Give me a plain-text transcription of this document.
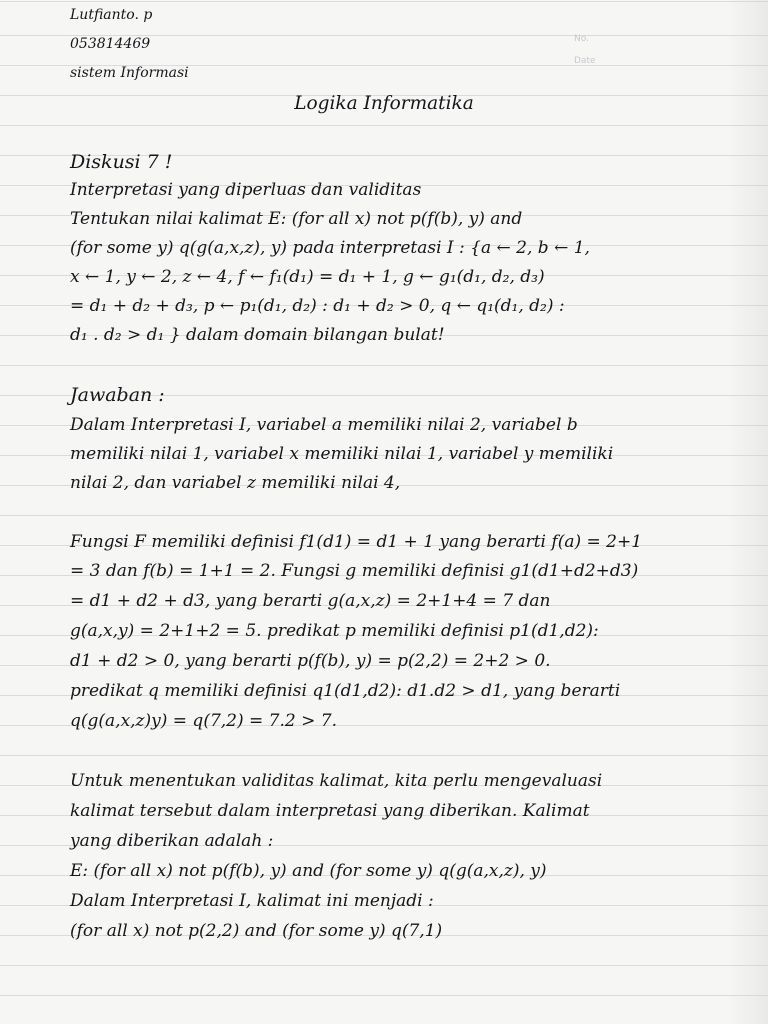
No.
Date
Lutfianto. p
053814469
sistem Informasi
Logika Informatika
Diskusi 7 !
Interpretasi yang diperluas dan validitas
Tentukan nilai kalimat E: (for all x) not p(f(b), y) and
(for some y) q(g(a,x,z), y) pada interpretasi I : {a ← 2, b ← 1,
x ← 1, y ← 2, z ← 4, f ← f₁(d₁) = d₁ + 1, g ← g₁(d₁, d₂, d₃)
= d₁ + d₂ + d₃, p ← p₁(d₁, d₂) : d₁ + d₂ > 0, q ← q₁(d₁, d₂) :
d₁ . d₂ > d₁ } dalam domain bilangan bulat!
Jawaban :
Dalam Interpretasi I, variabel a memiliki nilai 2, variabel b
memiliki nilai 1, variabel x memiliki nilai 1, variabel y memiliki
nilai 2, dan variabel z memiliki nilai 4,
Fungsi F memiliki definisi f1(d1) = d1 + 1 yang berarti f(a) = 2+1
= 3 dan f(b) = 1+1 = 2. Fungsi g memiliki definisi g1(d1+d2+d3)
= d1 + d2 + d3, yang berarti g(a,x,z) = 2+1+4 = 7 dan
g(a,x,y) = 2+1+2 = 5. predikat p memiliki definisi p1(d1,d2):
d1 + d2 > 0, yang berarti p(f(b), y) = p(2,2) = 2+2 > 0.
predikat q memiliki definisi q1(d1,d2): d1.d2 > d1, yang berarti
q(g(a,x,z)y) = q(7,2) = 7.2 > 7.
Untuk menentukan validitas kalimat, kita perlu mengevaluasi
kalimat tersebut dalam interpretasi yang diberikan. Kalimat
yang diberikan adalah :
E: (for all x) not p(f(b), y) and (for some y) q(g(a,x,z), y)
Dalam Interpretasi I, kalimat ini menjadi :
(for all x) not p(2,2) and (for some y) q(7,1)
